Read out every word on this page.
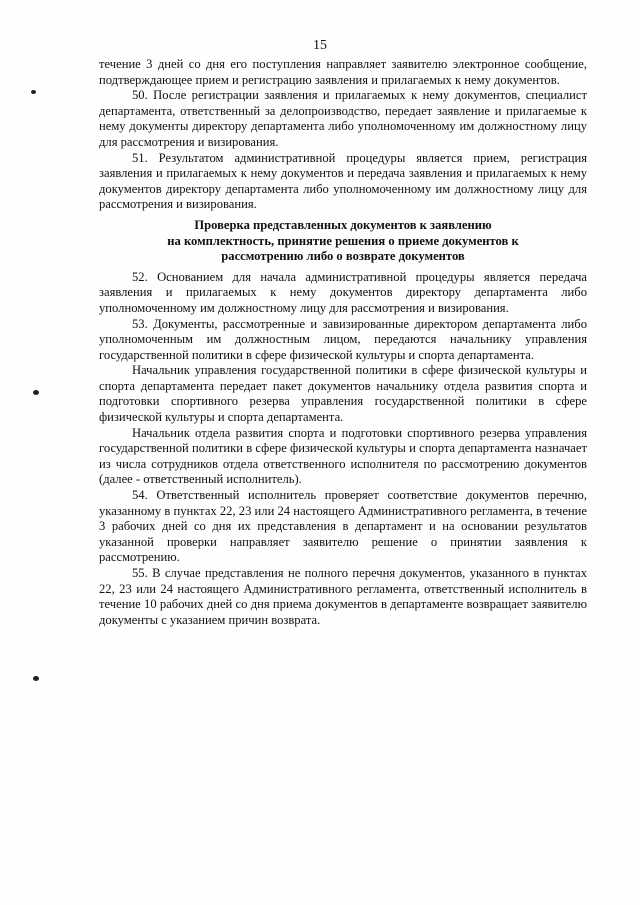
15

течение 3 дней со дня его поступления направляет заявителю электронное сообщение, подтверждающее прием и регистрацию заявления и прилагаемых к нему документов.

50. После регистрации заявления и прилагаемых к нему документов, специалист департамента, ответственный за делопроизводство, передает заявление и прилагаемые к нему документы директору департамента либо уполномоченному им должностному лицу для рассмотрения и визирования.

51. Результатом административной процедуры является прием, регистрация заявления и прилагаемых к нему документов и передача заявления и прилагаемых к нему документов директору департамента либо уполномоченному им должностному лицу для рассмотрения и визирования.

Проверка представленных документов к заявлению
на комплектность, принятие решения о приеме документов к
рассмотрению либо о возврате документов

52. Основанием для начала административной процедуры является передача заявления и прилагаемых к нему документов директору департамента либо уполномоченному им должностному лицу для рассмотрения и визирования.

53. Документы, рассмотренные и завизированные директором департамента либо уполномоченным им должностным лицом, передаются начальнику управления государственной политики в сфере физической культуры и спорта департамента.

Начальник управления государственной политики в сфере физической культуры и спорта департамента передает пакет документов начальнику отдела развития спорта и подготовки спортивного резерва управления государственной политики в сфере физической культуры и спорта департамента.

Начальник отдела развития спорта и подготовки спортивного резерва управления государственной политики в сфере физической культуры и спорта департамента назначает из числа сотрудников отдела ответственного исполнителя по рассмотрению документов (далее - ответственный исполнитель).

54. Ответственный исполнитель проверяет соответствие документов перечню, указанному в пунктах 22, 23 или 24 настоящего Административного регламента, в течение 3 рабочих дней со дня их представления в департамент и на основании результатов указанной проверки направляет заявителю решение о принятии заявления к рассмотрению.

55. В случае представления не полного перечня документов, указанного в пунктах 22, 23 или 24 настоящего Административного регламента, ответственный исполнитель в течение 10 рабочих дней со дня приема документов в департаменте возвращает заявителю документы с указанием причин возврата.
